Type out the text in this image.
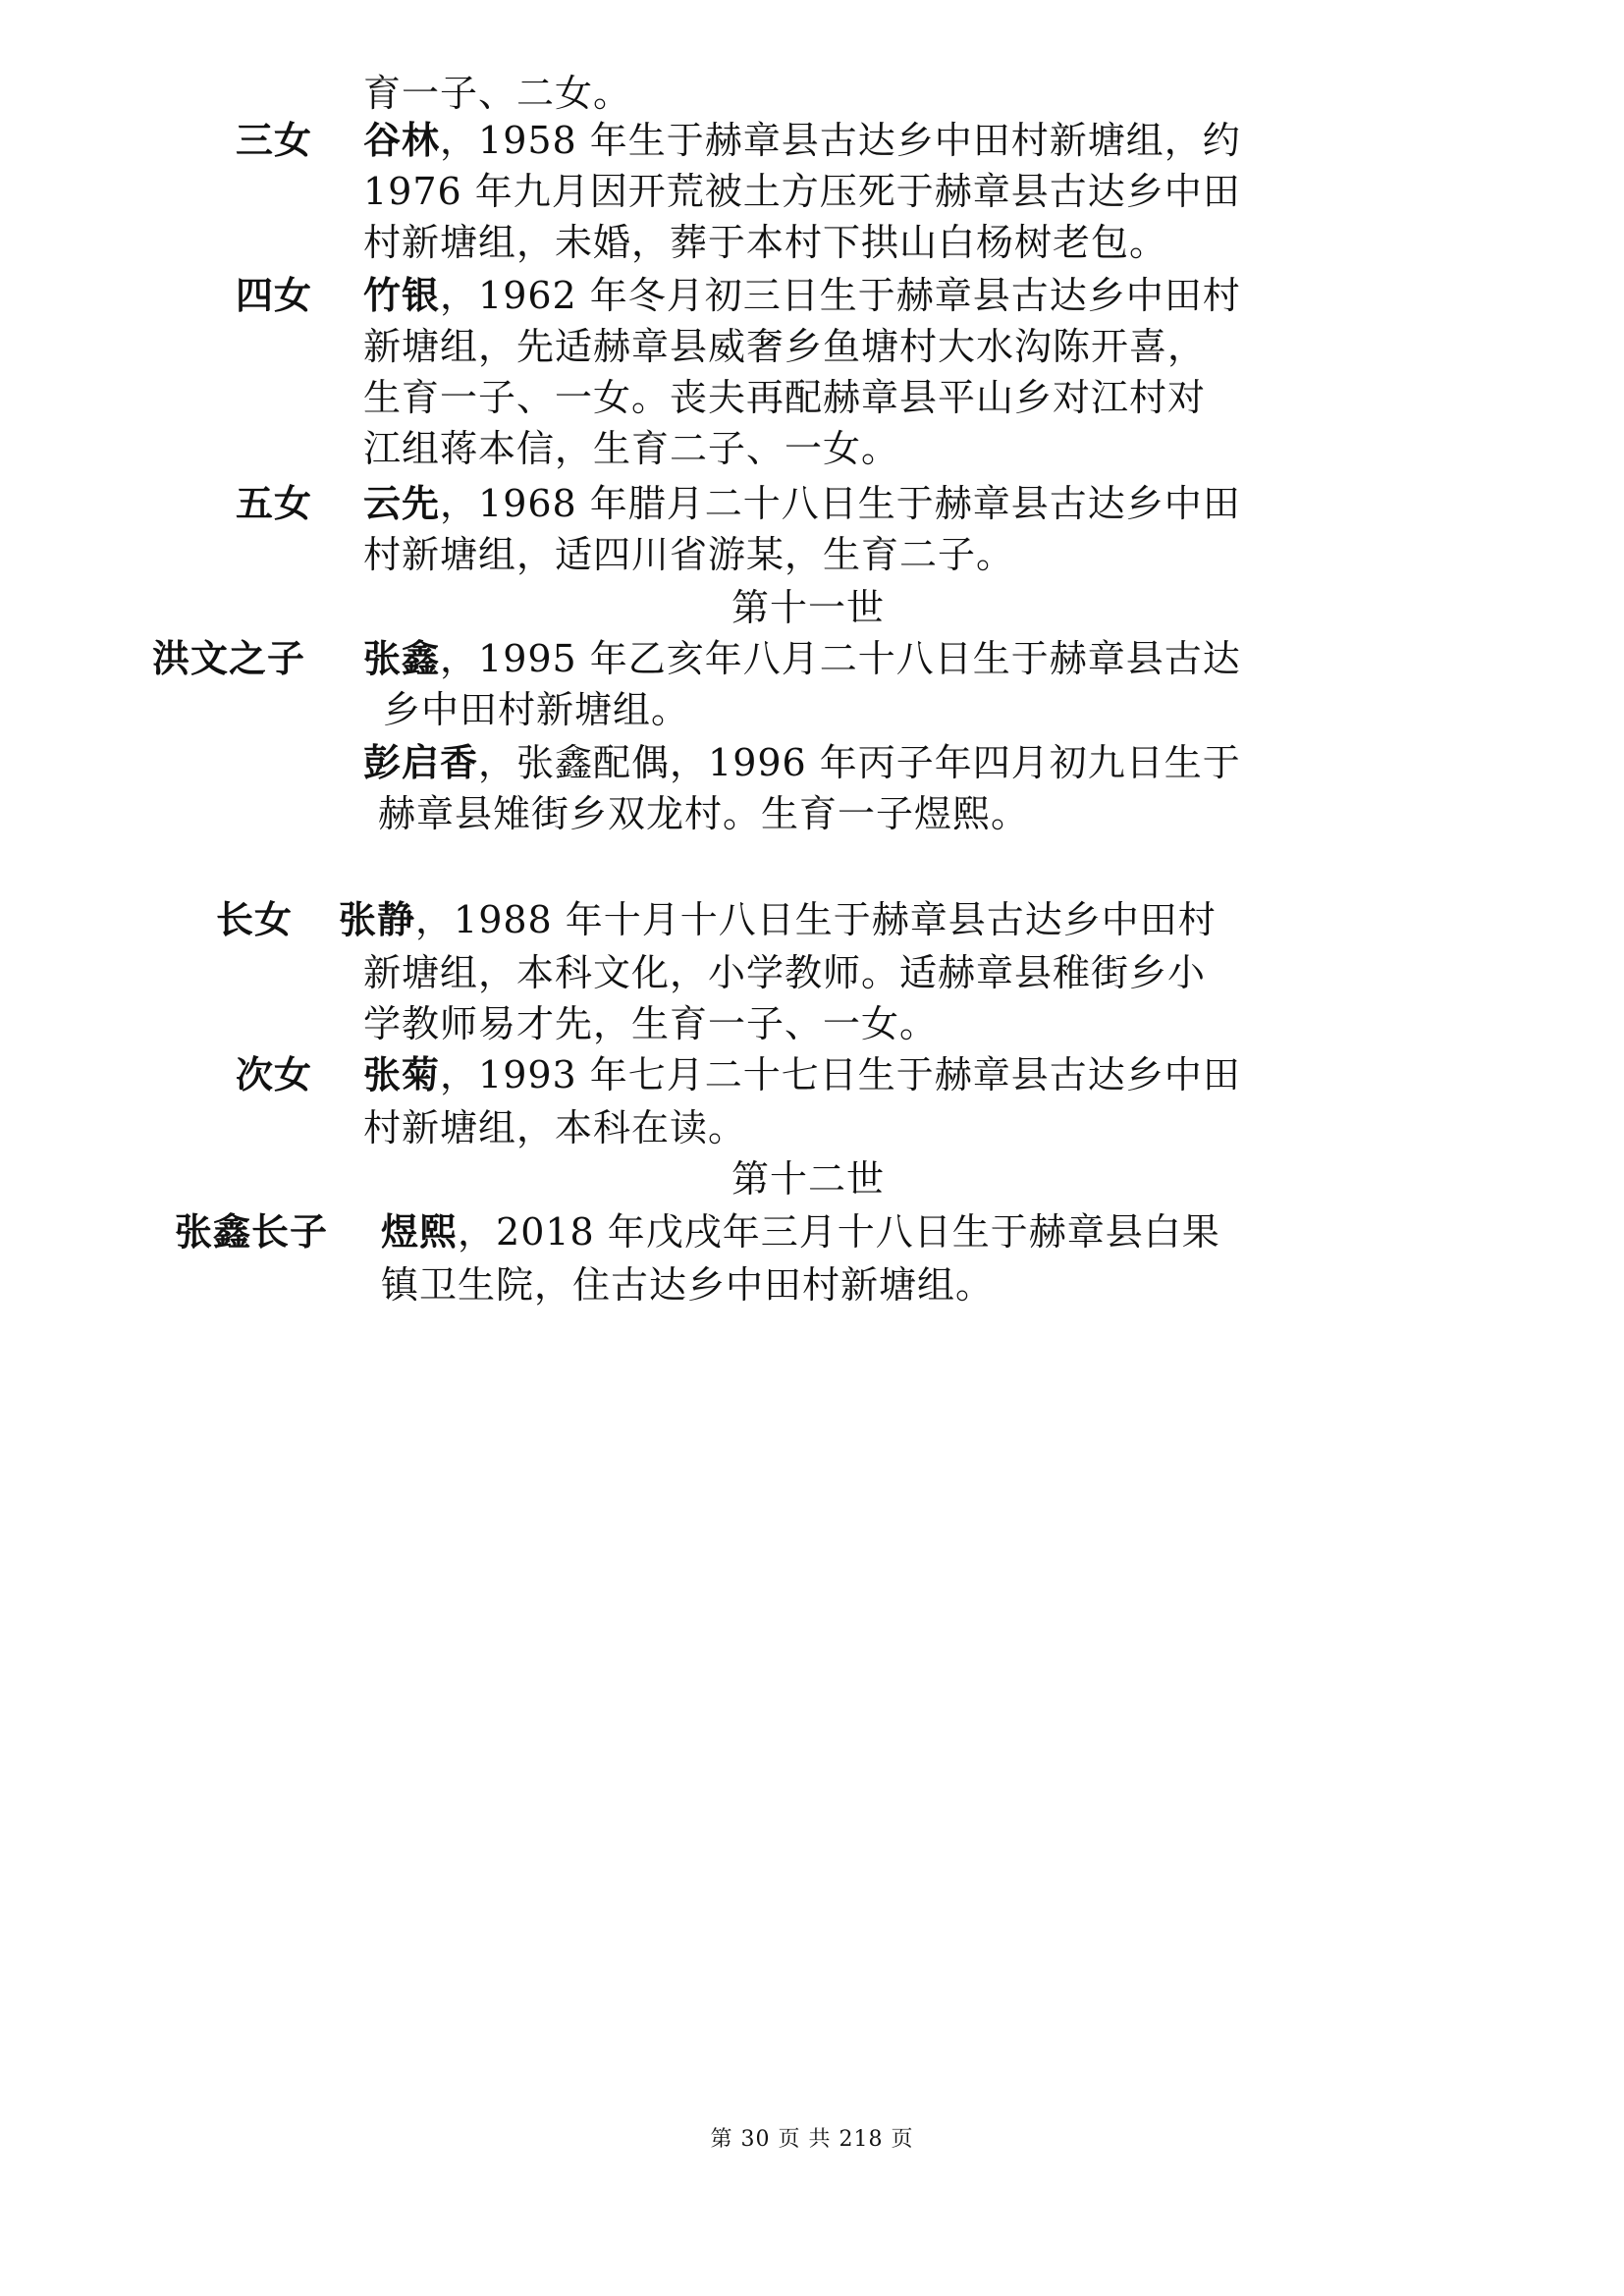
育一子、二女。
三女 谷林，1958 年生于赫章县古达乡中田村新塘组，约
1976 年九月因开荒被土方压死于赫章县古达乡中田
村新塘组，未婚，葬于本村下拱山白杨树老包。
四女 竹银，1962 年冬月初三日生于赫章县古达乡中田村
新塘组，先适赫章县威奢乡鱼塘村大水沟陈开喜，
生育一子、一女。丧夫再配赫章县平山乡对江村对
江组蒋本信，生育二子、一女。
五女 云先，1968 年腊月二十八日生于赫章县古达乡中田
村新塘组，适四川省游某，生育二子。
第十一世
洪文之子 张鑫，1995 年乙亥年八月二十八日生于赫章县古达
乡中田村新塘组。
彭启香，张鑫配偶，1996 年丙子年四月初九日生于
赫章县雉街乡双龙村。生育一子煜熙。
长女 张静，1988 年十月十八日生于赫章县古达乡中田村
新塘组，本科文化，小学教师。适赫章县稚街乡小
学教师易才先，生育一子、一女。
次女 张菊，1993 年七月二十七日生于赫章县古达乡中田
村新塘组，本科在读。
第十二世
张鑫长子 煜熙，2018 年戊戌年三月十八日生于赫章县白果
镇卫生院，住古达乡中田村新塘组。
第 30 页 共 218 页
